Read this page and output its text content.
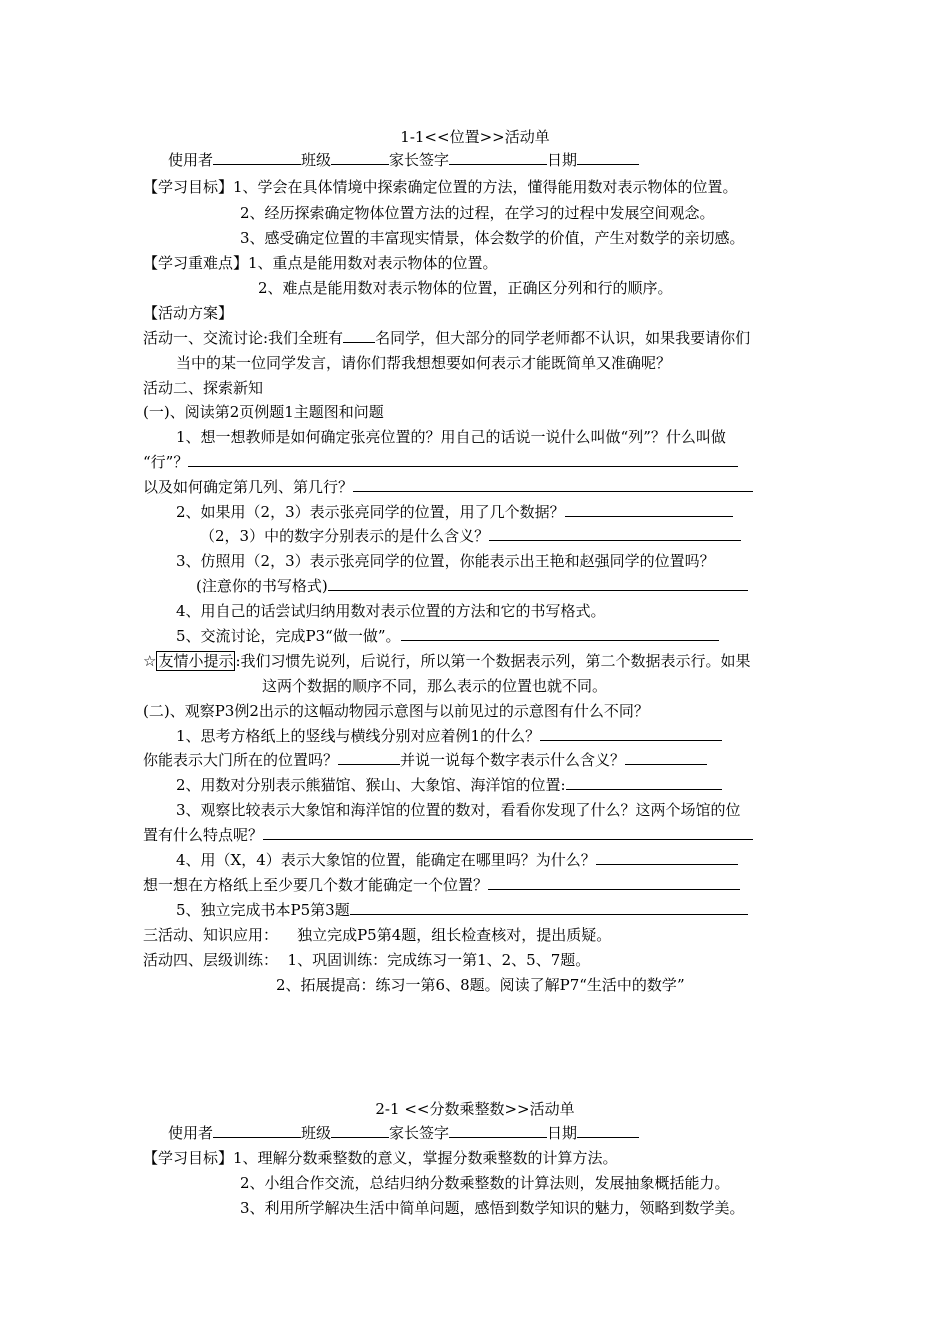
1-1<<位置>>活动单
使用者	班级	家长签字	日期
【学习目标】1、学会在具体情境中探索确定位置的方法，懂得能用数对表示物体的位置。
2、经历探索确定物体位置方法的过程，在学习的过程中发展空间观念。
3、感受确定位置的丰富现实情景，体会数学的价值，产生对数学的亲切感。
【学习重难点】1、重点是能用数对表示物体的位置。
2、难点是能用数对表示物体的位置，正确区分列和行的顺序。
【活动方案】
活动一、交流讨论:我们全班有 名同学，但大部分的同学老师都不认识，如果我要请你们
当中的某一位同学发言，请你们帮我想想要如何表示才能既简单又准确呢？
活动二、探索新知
(一)、阅读第2页例题1主题图和问题
1、想一想教师是如何确定张亮位置的？用自己的话说一说什么叫做“列”？什么叫做
“行”？
以及如何确定第几列、第几行？
2、如果用（2，3）表示张亮同学的位置，用了几个数据？
（2，3）中的数字分别表示的是什么含义？
3、仿照用（2，3）表示张亮同学的位置，你能表示出王艳和赵强同学的位置吗？
(注意你的书写格式)
4、用自己的话尝试归纳用数对表示位置的方法和它的书写格式。
5、交流讨论，完成P3“做一做”。
☆ 友情小提示 :我们习惯先说列，后说行，所以第一个数据表示列，第二个数据表示行。如果
这两个数据的顺序不同，那么表示的位置也就不同。
(二)、观察P3例2出示的这幅动物园示意图与以前见过的示意图有什么不同？
1、思考方格纸上的竖线与横线分别对应着例1的什么？
你能表示大门所在的位置吗？	并说一说每个数字表示什么含义？
2、用数对分别表示熊猫馆、猴山、大象馆、海洋馆的位置:
3、观察比较表示大象馆和海洋馆的位置的数对，看看你发现了什么？这两个场馆的位
置有什么特点呢？
4、用（X，4）表示大象馆的位置，能确定在哪里吗？为什么？
想一想在方格纸上至少要几个数才能确定一个位置？
5、独立完成书本P5第3题
三活动、知识应用：    独立完成P5第4题，组长检查核对，提出质疑。
活动四、层级训练：  1、巩固训练：完成练习一第1、2、5、7题。
2、拓展提高：练习一第6、8题。阅读了解P7“生活中的数学”
2-1 <<分数乘整数>>活动单
使用者	班级	家长签字	日期
【学习目标】1、理解分数乘整数的意义，掌握分数乘整数的计算方法。
2、小组合作交流，总结归纳分数乘整数的计算法则，发展抽象概括能力。
3、利用所学解决生活中简单问题，感悟到数学知识的魅力，领略到数学美。
